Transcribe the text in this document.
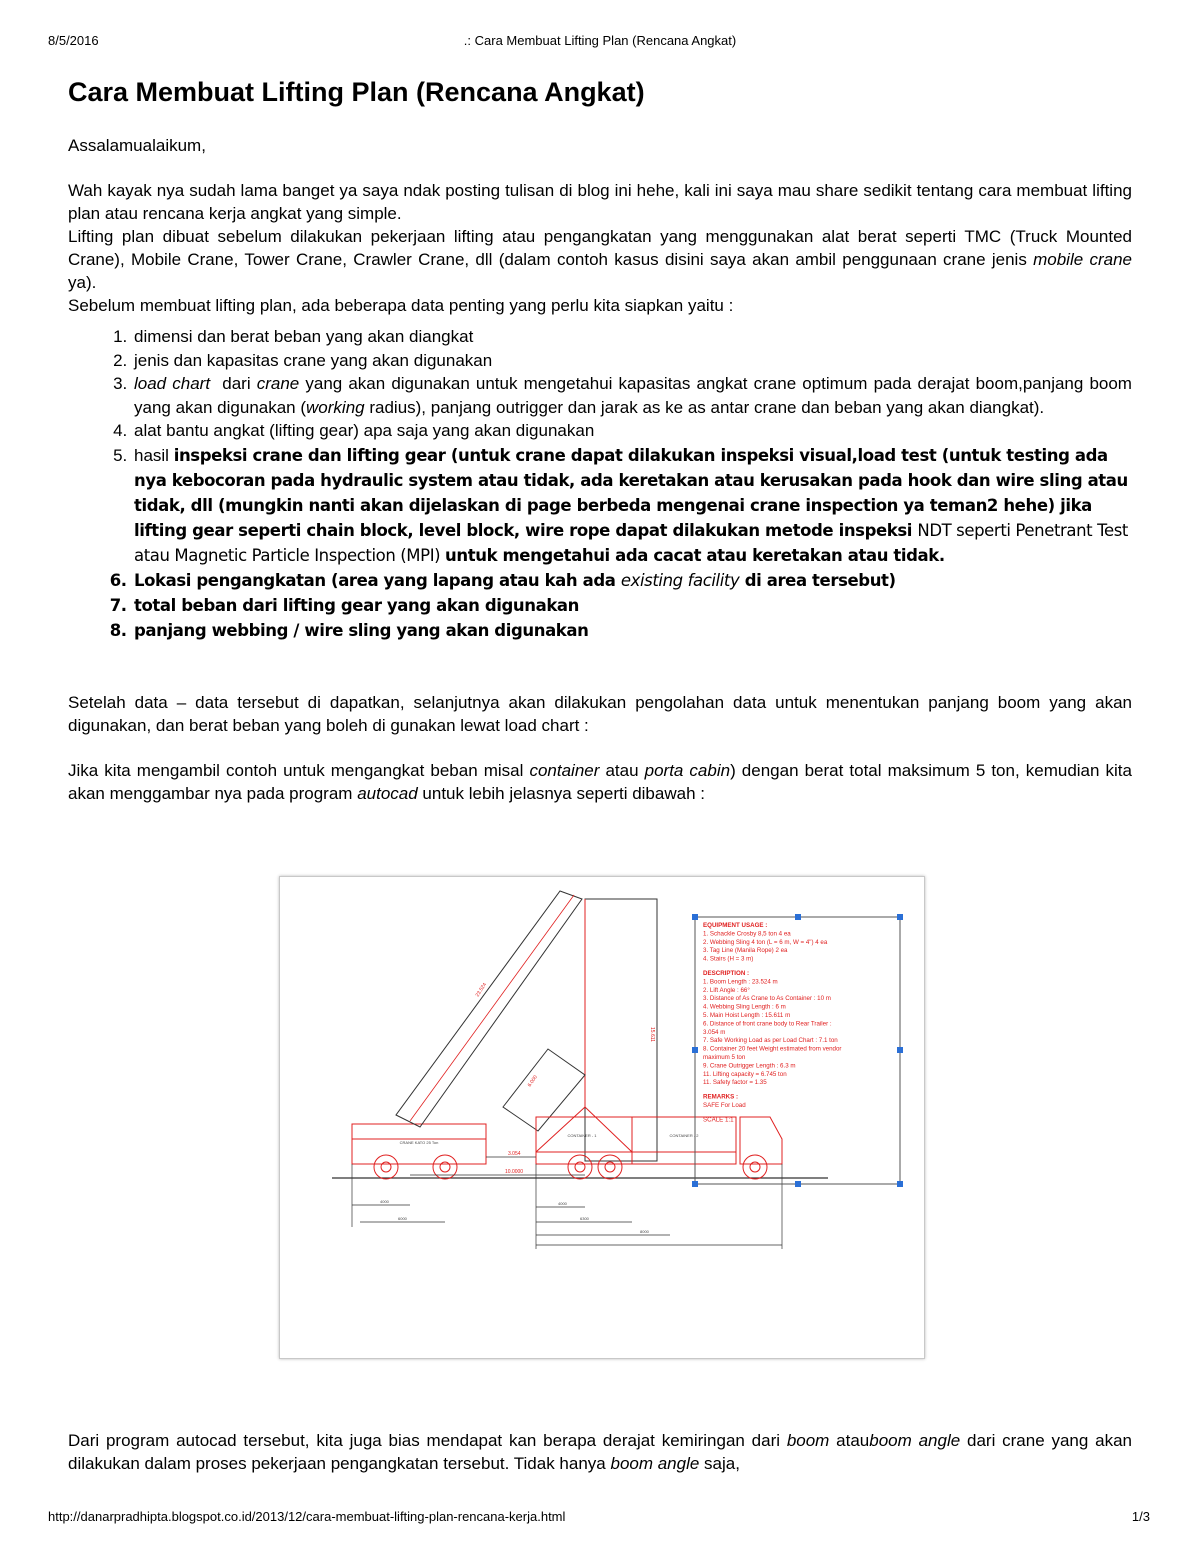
8/5/2016	.: Cara Membuat Lifting Plan (Rencana Angkat)
Cara Membuat Lifting Plan (Rencana Angkat)

Assalamualaikum,

Wah kayak nya sudah lama banget ya saya ndak posting tulisan di blog ini hehe, kali ini saya mau share sedikit tentang cara membuat lifting plan atau rencana kerja angkat yang simple.

Lifting plan dibuat sebelum dilakukan pekerjaan lifting atau pengangkatan yang menggunakan alat berat seperti TMC (Truck Mounted Crane), Mobile Crane, Tower Crane, Crawler Crane, dll (dalam contoh kasus disini saya akan ambil penggunaan crane jenis mobile crane ya).

Sebelum membuat lifting plan, ada beberapa data penting yang perlu kita siapkan yaitu :

1. dimensi dan berat beban yang akan diangkat
2. jenis dan kapasitas crane yang akan digunakan
3. load chart  dari crane yang akan digunakan untuk mengetahui kapasitas angkat crane optimum pada derajat boom,panjang boom yang akan digunakan (working radius), panjang outrigger dan jarak as ke as antar crane dan beban yang akan diangkat).
4. alat bantu angkat (lifting gear) apa saja yang akan digunakan
5. hasil inspeksi crane dan lifting gear (untuk crane dapat dilakukan inspeksi visual,load test (untuk testing ada nya kebocoran pada hydraulic system atau tidak, ada keretakan atau kerusakan pada hook dan wire sling atau tidak, dll (mungkin nanti akan dijelaskan di page berbeda mengenai crane inspection ya teman2 hehe) jika lifting gear seperti chain block, level block, wire rope dapat dilakukan metode inspeksi NDT seperti Penetrant Test atau Magnetic Particle Inspection (MPI) untuk mengetahui ada cacat atau keretakan atau tidak.
6. Lokasi pengangkatan (area yang lapang atau kah ada existing facility di area tersebut)
7. total beban dari lifting gear yang akan digunakan
8. panjang webbing / wire sling yang akan digunakan

Setelah data – data tersebut di dapatkan, selanjutnya akan dilakukan pengolahan data untuk menentukan panjang boom yang akan digunakan, dan berat beban yang boleh di gunakan lewat load chart :

Jika kita mengambil contoh untuk mengangkat beban misal container atau porta cabin) dengan berat total maksimum 5 ton, kemudian kita akan menggambar nya pada program autocad untuk lebih jelasnya seperti dibawah :

CRANE KATO 25 Ton
23.524
15.611
6.000
CONTAINER - 1	CONTAINER - 2
3.054
10.0000
4000
6000
4000
6300
8000
EQUIPMENT USAGE :
1. Schackle Crosby 8,5 ton 4 ea
2. Webbing Sling 4 ton (L = 6 m, W = 4") 4 ea
3. Tag Line (Manila Rope) 2 ea
4. Stairs (H = 3 m)
DESCRIPTION :
1. Boom Length : 23.524 m
2. Lift Angle : 66°
3. Distance of As Crane to As Container : 10 m
4. Webbing Sling Length : 6 m
5. Main Hoist Length : 15.611 m
6. Distance of front crane body to Rear Trailer :
3.054 m
7. Safe Working Load as per Load Chart : 7.1 ton
8. Container 20 feet Weight estimated from vendor
maximum 5 ton
9. Crane Outrigger Length : 6.3 m
11. Lifting capacity = 6.745 ton
11. Safety factor = 1.35
REMARKS :
SAFE For Load
SCALE 1:1

Dari program autocad tersebut, kita juga bias mendapat kan berapa derajat kemiringan dari boom atauboom angle dari crane yang akan dilakukan dalam proses pekerjaan pengangkatan tersebut. Tidak hanya boom angle saja,

http://danarpradhipta.blogspot.co.id/2013/12/cara-membuat-lifting-plan-rencana-kerja.html	1/3
